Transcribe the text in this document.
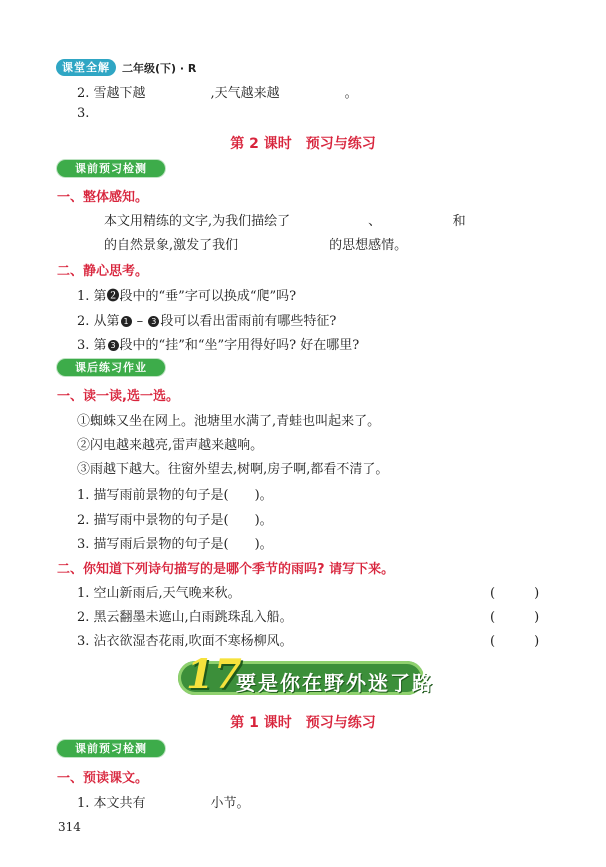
课堂全解	二年级(下) · R
2. 雪越下越　　　　　,天气越来越　　　　　。
3.
第 2 课时　预习与练习
课前预习检测
一、整体感知。
本文用精练的文字,为我们描绘了　　　　　　、　　　　　　和
的自然景象,激发了我们　　　　　　　的思想感情。
二、静心思考。
1. 第❷段中的“垂”字可以换成“爬”吗?
2. 从第 1 – 3 段可以看出雷雨前有哪些特征?
3. 第 3 段中的“挂”和“坐”字用得好吗? 好在哪里?
课后练习作业
一、读一读,选一选。
①蜘蛛又坐在网上。池塘里水满了,青蛙也叫起来了。
②闪电越来越亮,雷声越来越响。
③雨越下越大。往窗外望去,树啊,房子啊,都看不清了。
1. 描写雨前景物的句子是(　　)。
2. 描写雨中景物的句子是(　　)。
3. 描写雨后景物的句子是(　　)。
二、你知道下列诗句描写的是哪个季节的雨吗? 请写下来。
1. 空山新雨后,天气晚来秋。	(　　　)
2. 黑云翻墨未遮山,白雨跳珠乱入船。	(　　　)
3. 沾衣欲湿杏花雨,吹面不寒杨柳风。	(　　　)
17
要是你在野外迷了路
第 1 课时　预习与练习
课前预习检测
一、预读课文。
1. 本文共有　　　　　小节。
314
